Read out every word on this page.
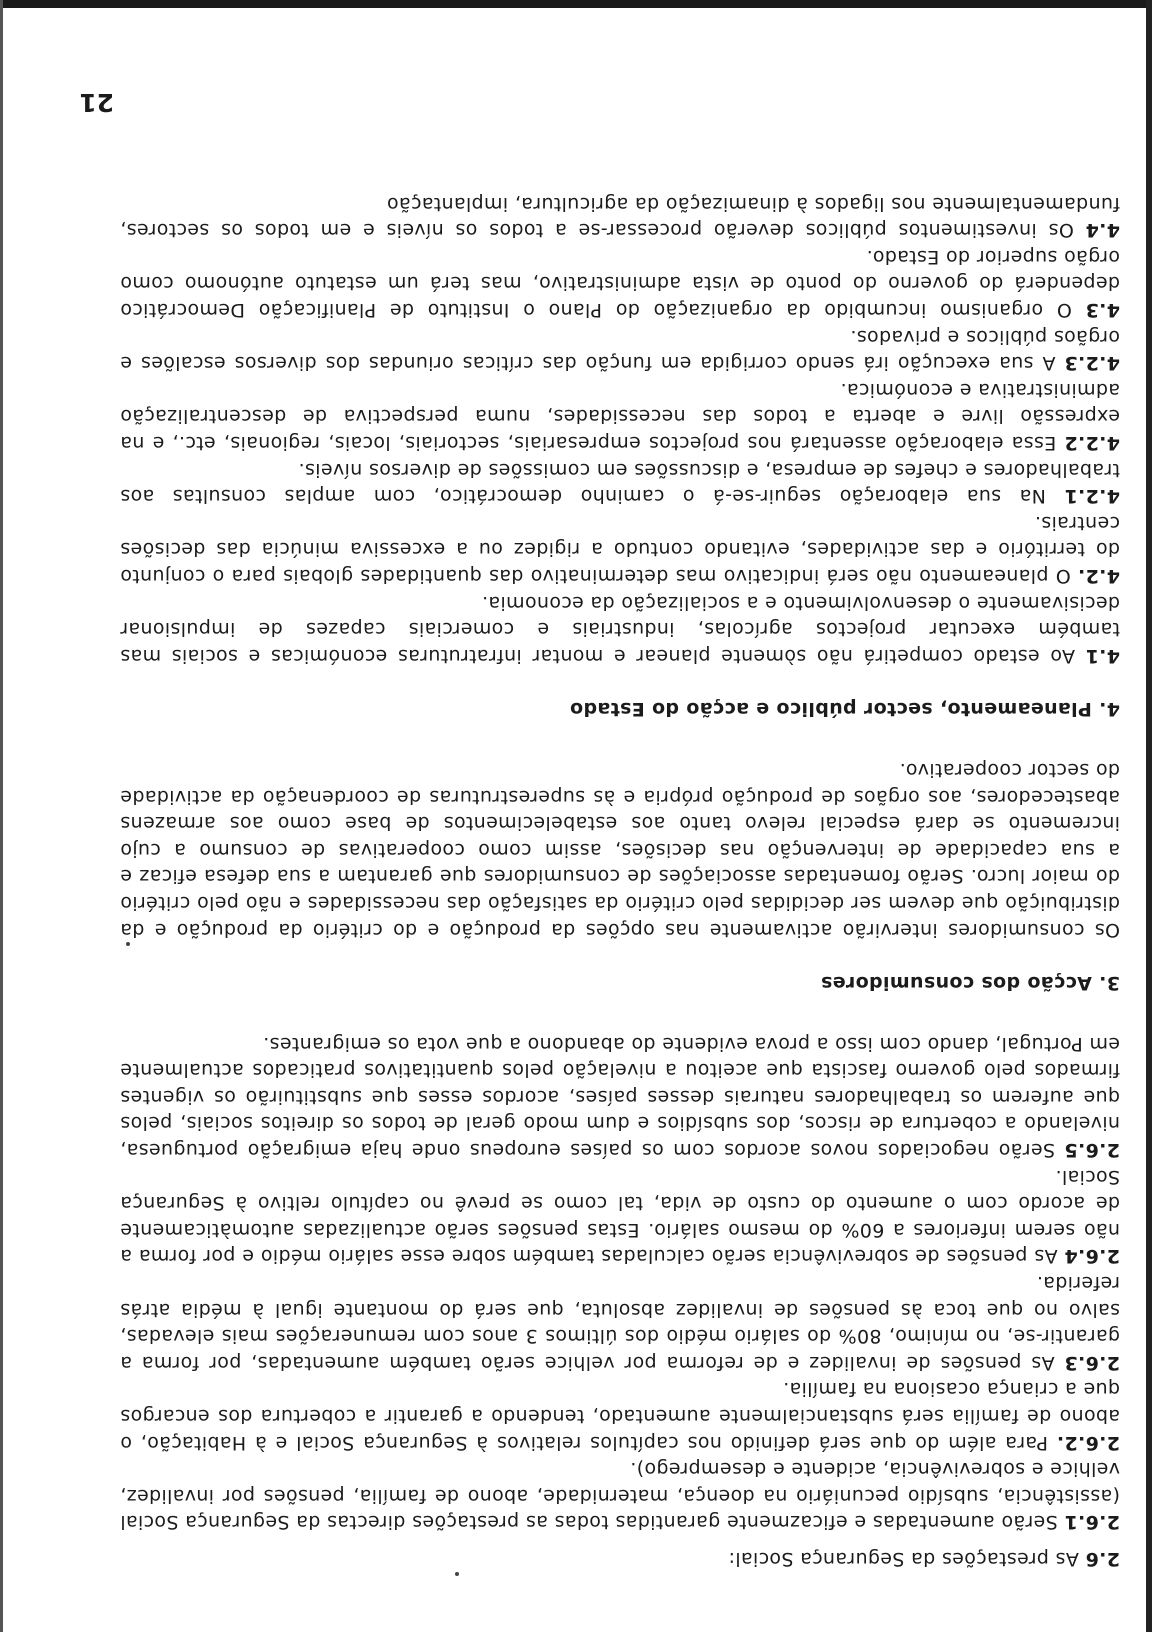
2.6 As prestações da Segurança Social:

2.6.1 Serão aumentadas e eficazmente garantidas todas as prestações directas da Segurança Social (assistência, subsídio pecuniário na doença, maternidade, abono de família, pensões por invalidez, velhice e sobrevivência, acidente e desemprego).

2.6.2. Para além do que será definido nos capítulos relativos à Segurança Social e à Habitação, o abono de família será substancialmente aumentado, tendendo a garantir a cobertura dos encargos que a criança ocasiona na família.

2.6.3 As pensões de invalidez e de reforma por velhice serão também aumentadas, por forma a garantir-se, no mínimo, 80% do salário médio dos últimos 3 anos com remunerações mais elevadas, salvo no que toca às pensões de invalidez absoluta, que será do montante igual à média atrás referida.

2.6.4 As pensões de sobrevivência serão calculadas também sobre esse salário médio e por forma a não serem inferiores a 60% do mesmo salário. Estas pensões serão actualizadas automàticamente de acordo com o aumento do custo de vida, tal como se prevê no capítulo reltivo à Segurança Social.

2.6.5 Serão negociados novos acordos com os países europeus onde haja emigração portuguesa, nivelando a cobertura de riscos, dos subsídios e dum modo geral de todos os direitos sociais, pelos que auferem os trabalhadores naturais desses países, acordos esses que substituirão os vigentes firmados pelo governo fascista que aceitou a nivelação pelos quantitativos praticados actualmente em Portugal, dando com isso a prova evidente do abandono a que vota os emigrantes.

3. Acção dos consumidores

Os consumidores intervirão activamente nas opções da produção e do critério da produção e da distribuição que devem ser decididas pelo critério da satisfação das necessidades e não pelo critério do maior lucro. Serão fomentadas associações de consumidores que garantam a sua defesa eficaz e a sua capacidade de intervenção nas decisões, assim como cooperativas de consumo a cujo incremento se dará especial relevo tanto aos estabelecimentos de base como aos armazens abastecedores, aos orgãos de produção própria e às superestruturas de coordenação da actividade do sector cooperativo.

4. Planeamento, sector público e acção do Estado

4.1 Ao estado competirá não sòmente planear e montar infratruturas económicas e sociais mas também executar projectos agrícolas, industriais e comerciais capazes de impulsionar decisivamente o desenvolvimento e a socialização da economia.

4.2. O planeamento não será indicativo mas determinativo das quantidades globais para o conjunto do território e das actividades, evitando contudo a rigidez ou a excessiva minúcia das decisões centrais.

4.2.1 Na sua elaboração seguir-se-á o caminho democrático, com amplas consultas aos trabalhadores e chefes de empresa, e discussões em comissões de diversos níveis.

4.2.2 Essa elaboração assentará nos projectos empresariais, sectoriais, locais, regionais, etc., e na expressão livre e aberta a todos das necessidades, numa perspectiva de descentralização administrativa e económica.

4.2.3 A sua execução irá sendo corrigida em função das críticas oriundas dos diversos escalões e orgãos públicos e privados.

4.3 O organismo incumbido da organização do Plano o Instituto de Planificação Democrático dependerá do governo do ponto de vista administrativo, mas terá um estatuto autónomo como orgão superior do Estado.

4.4 Os investimentos públicos deverão processar-se a todos os níveis e em todos os sectores, fundamentalmente nos ligados à dinamização da agricultura, implantação

21
